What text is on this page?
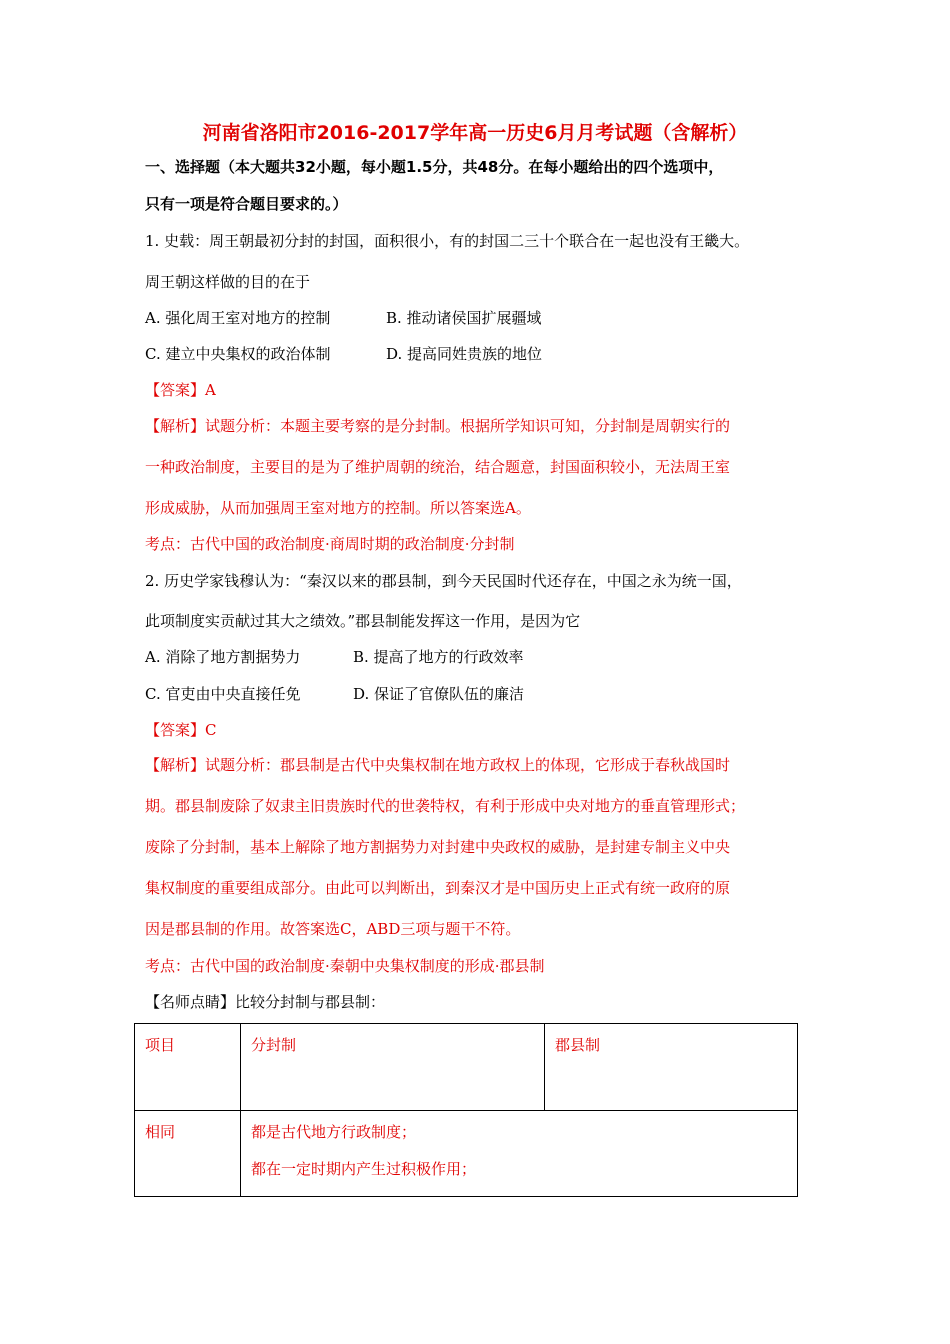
河南省洛阳市2016-2017学年高一历史6月月考试题（含解析）
一、选择题（本大题共32小题，每小题1.5分，共48分。在每小题给出的四个选项中，
只有一项是符合题目要求的。）
1. 史载：周王朝最初分封的封国，面积很小，有的封国二三十个联合在一起也没有王畿大。
周王朝这样做的目的在于
A. 强化周王室对地方的控制	B. 推动诸侯国扩展疆域
C. 建立中央集权的政治体制	D. 提高同姓贵族的地位
【答案】A
【解析】试题分析：本题主要考察的是分封制。根据所学知识可知，分封制是周朝实行的
一种政治制度，主要目的是为了维护周朝的统治，结合题意，封国面积较小，无法周王室
形成威胁，从而加强周王室对地方的控制。所以答案选A。
考点：古代中国的政治制度·商周时期的政治制度·分封制
2. 历史学家钱穆认为：“秦汉以来的郡县制，到今天民国时代还存在，中国之永为统一国，
此项制度实贡献过其大之绩效。”郡县制能发挥这一作用，是因为它
A. 消除了地方割据势力	B. 提高了地方的行政效率
C. 官吏由中央直接任免	D. 保证了官僚队伍的廉洁
【答案】C
【解析】试题分析：郡县制是古代中央集权制在地方政权上的体现，它形成于春秋战国时
期。郡县制废除了奴隶主旧贵族时代的世袭特权，有利于形成中央对地方的垂直管理形式；
废除了分封制，基本上解除了地方割据势力对封建中央政权的威胁，是封建专制主义中央
集权制度的重要组成部分。由此可以判断出，到秦汉才是中国历史上正式有统一政府的原
因是郡县制的作用。故答案选C，ABD三项与题干不符。
考点：古代中国的政治制度·秦朝中央集权制度的形成·郡县制
【名师点睛】比较分封制与郡县制：
项目	分封制	郡县制
相同	都是古代地方行政制度；
都在一定时期内产生过积极作用；	
